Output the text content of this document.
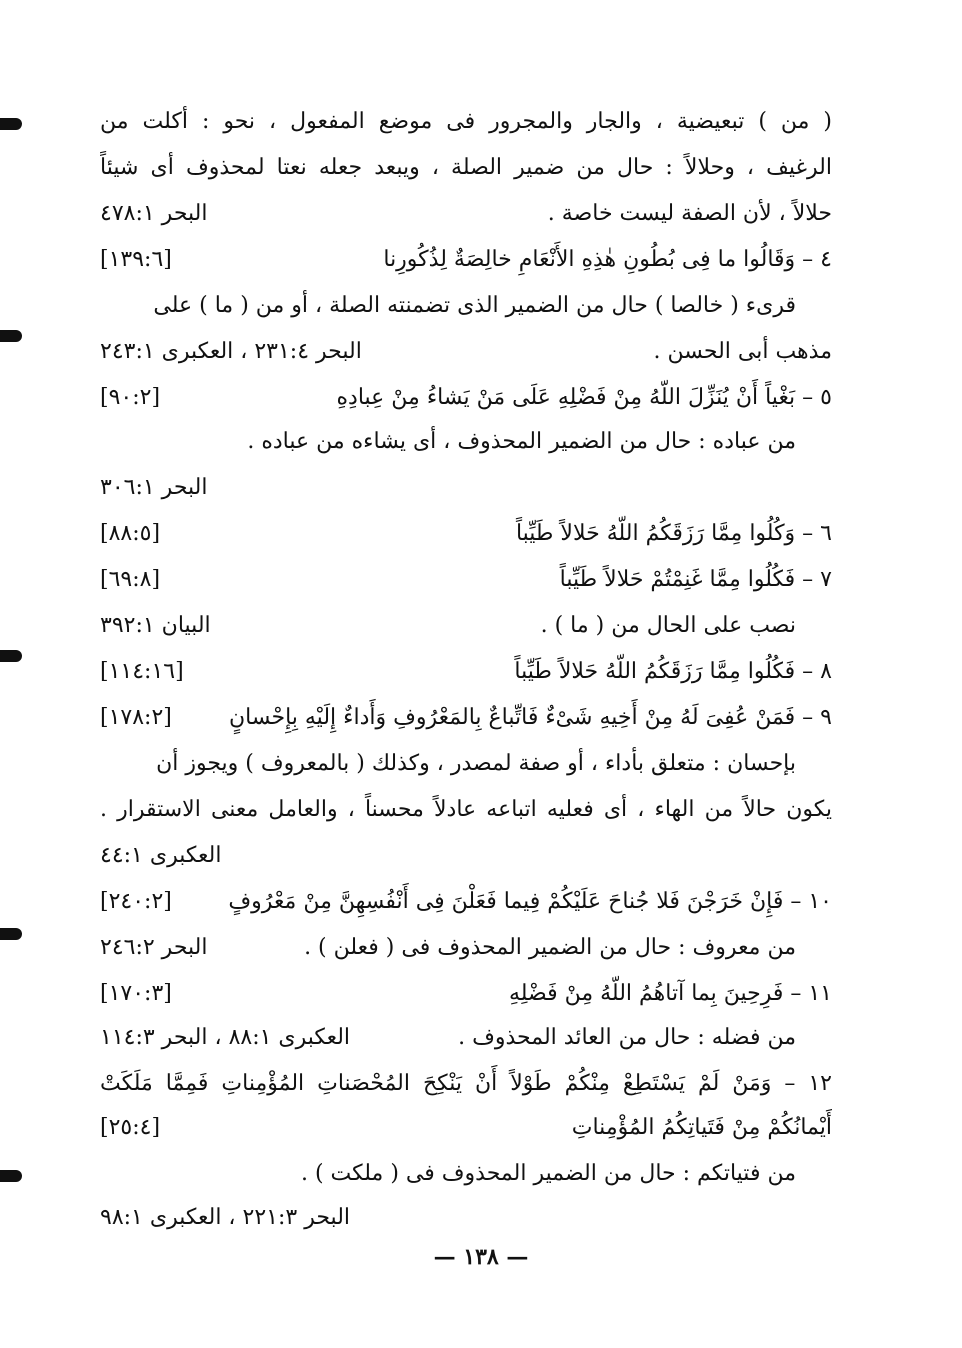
( من ) تبعيضية ، والجار والمجرور فى موضع المفعول ، نحو : أكلت من
الرغيف ، وحلالاً : حال من ضمير الصلة ، ويبعد جعله نعتا لمحذوف أى شيئاً
حلالاً ، لأن الصفة ليست خاصة .
البحر ٤٧٨:١
٤ – وَقَالُوا ما فِى بُطُونِ هٰذِهِ الأَنْعَامِ خالِصَةٌ لِذُكُورِنا
[١٣٩:٦]
قرىء ( خالصا ) حال من الضمير الذى تضمنته الصلة ، أو من ( ما ) على
مذهب أبى الحسن .
البحر ٢٣١:٤ ، العكبرى ٢٤٣:١
٥ – بَغْياً أَنْ يُنَزِّلَ اللّهُ مِنْ فَضْلِهِ عَلَى مَنْ يَشاءُ مِنْ عِبادِهِ
[٩٠:٢]
من عباده : حال من الضمير المحذوف ، أى يشاءه من عباده .
البحر ٣٠٦:١
٦ – وَكُلُوا مِمَّا رَزَقَكُمُ اللّهُ حَلالاً طَيِّباً
[٨٨:٥]
٧ – فَكُلُوا مِمَّا غَنِمْتُمْ حَلالاً طَيِّباً
[٦٩:٨]
نصب على الحال من ( ما ) .
البيان ٣٩٢:١
٨ – فَكُلُوا مِمَّا رَزَقَكُمُ اللّهُ حَلالاً طَيِّباً
[١١٤:١٦]
٩ – فَمَنْ عُفِىَ لَهُ مِنْ أَخِيهِ شَىْءٌ فَاتِّباعٌ بِالمَعْرُوفِ وَأَداءٌ إِلَيْهِ بِإِحْسانٍ
[١٧٨:٢]
بإحسان : متعلق بأداء ، أو صفة لمصدر ، وكذلك ( بالمعروف ) ويجوز أن
يكون حالاً من الهاء ، أى فعليه اتباعه عادلاً محسناً ، والعامل معنى الاستقرار .
العكبرى ٤٤:١
١٠ – فَإِنْ خَرَجْنَ فَلا جُناحَ عَلَيْكُمْ فِيما فَعَلْنَ فِى أَنْفُسِهِنَّ مِنْ مَعْرُوفٍ
[٢٤٠:٢]
من معروف : حال من الضمير المحذوف فى ( فعلن ) .
البحر ٢٤٦:٢
١١ – فَرِحِينَ بِما آتاهُمُ اللّهُ مِنْ فَضْلِهِ
[١٧٠:٣]
من فضله : حال من العائد المحذوف .
العكبرى ٨٨:١ ، البحر ١١٤:٣
١٢ – وَمَنْ لَمْ يَسْتَطِعْ مِنْكُمْ طَوْلاً أَنْ يَنْكِحَ المُحْصَناتِ المُؤْمِناتِ فَمِمَّا مَلَكَتْ
أَيْمانُكُمْ مِنْ فَتَياتِكُمُ المُؤْمِناتِ
[٢٥:٤]
من فتياتكم : حال من الضمير المحذوف فى ( ملكت ) .
البحر ٢٢١:٣ ، العكبرى ٩٨:١
— ١٣٨ —
